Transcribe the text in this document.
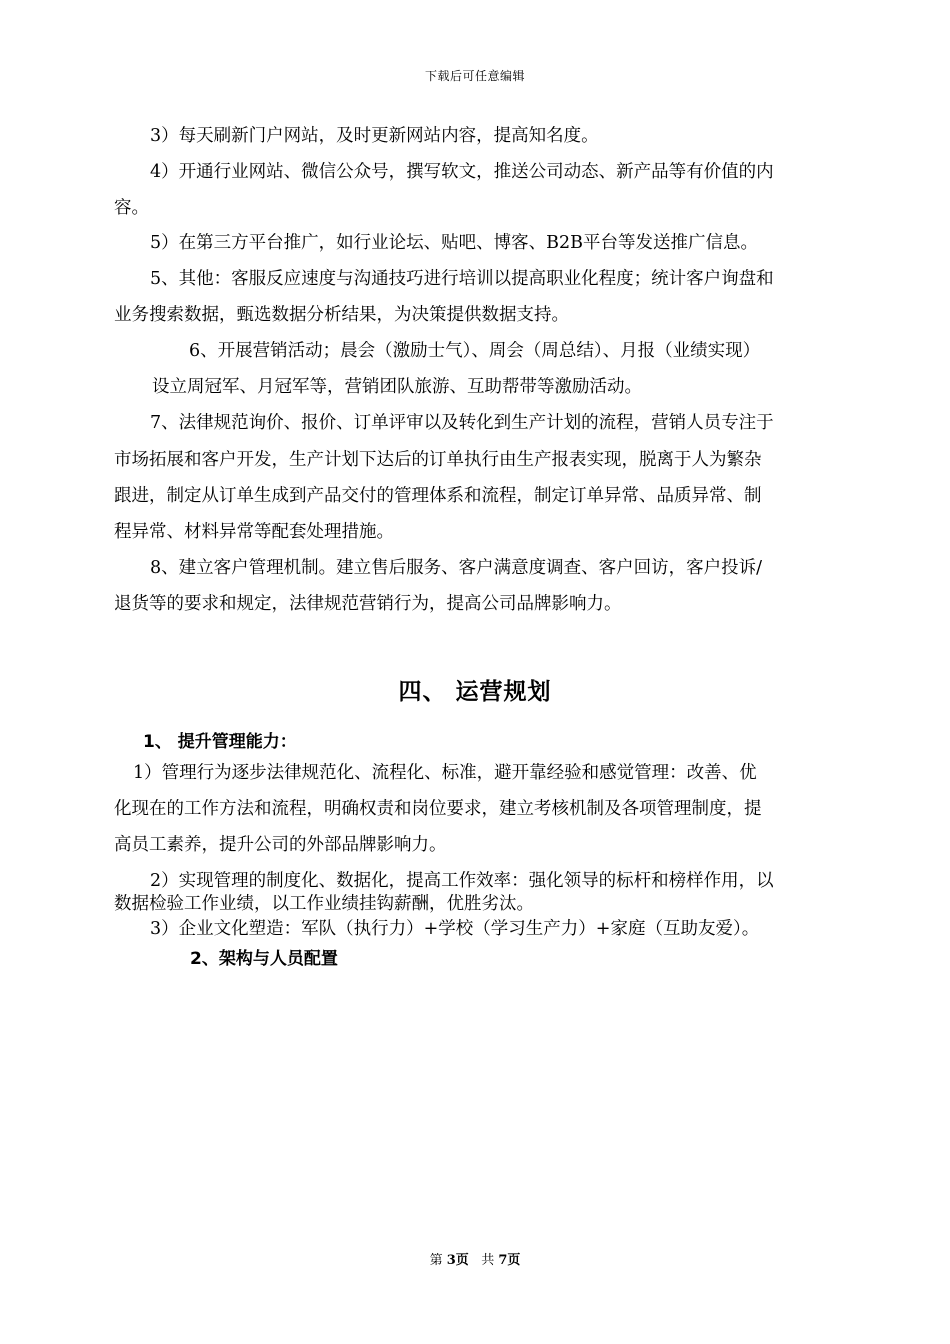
下载后可任意编辑
3）每天刷新门户网站，及时更新网站内容，提高知名度。
4）开通行业网站、微信公众号，撰写软文，推送公司动态、新产品等有价值的内
容。
5）在第三方平台推广，如行业论坛、贴吧、博客、B2B平台等发送推广信息。
5、其他：客服反应速度与沟通技巧进行培训以提高职业化程度；统计客户询盘和
业务搜索数据，甄选数据分析结果，为决策提供数据支持。
6、开展营销活动；晨会（激励士气）、周会（周总结）、月报（业绩实现）
设立周冠军、月冠军等，营销团队旅游、互助帮带等激励活动。
7、法律规范询价、报价、订单评审以及转化到生产计划的流程，营销人员专注于
市场拓展和客户开发，生产计划下达后的订单执行由生产报表实现，脱离于人为繁杂
跟进，制定从订单生成到产品交付的管理体系和流程，制定订单异常、品质异常、制
程异常、材料异常等配套处理措施。
8、建立客户管理机制。建立售后服务、客户满意度调查、客户回访，客户投诉/
退货等的要求和规定，法律规范营销行为，提高公司品牌影响力。
四、 运营规划
1、 提升管理能力：
1）管理行为逐步法律规范化、流程化、标准，避开靠经验和感觉管理：改善、优
化现在的工作方法和流程，明确权责和岗位要求，建立考核机制及各项管理制度，提
高员工素养，提升公司的外部品牌影响力。
2）实现管理的制度化、数据化，提高工作效率：强化领导的标杆和榜样作用，以
数据检验工作业绩，以工作业绩挂钩薪酬，优胜劣汰。
3）企业文化塑造：军队（执行力）+学校（学习生产力）+家庭（互助友爱）。
2、架构与人员配置
第 3页 共 7页
